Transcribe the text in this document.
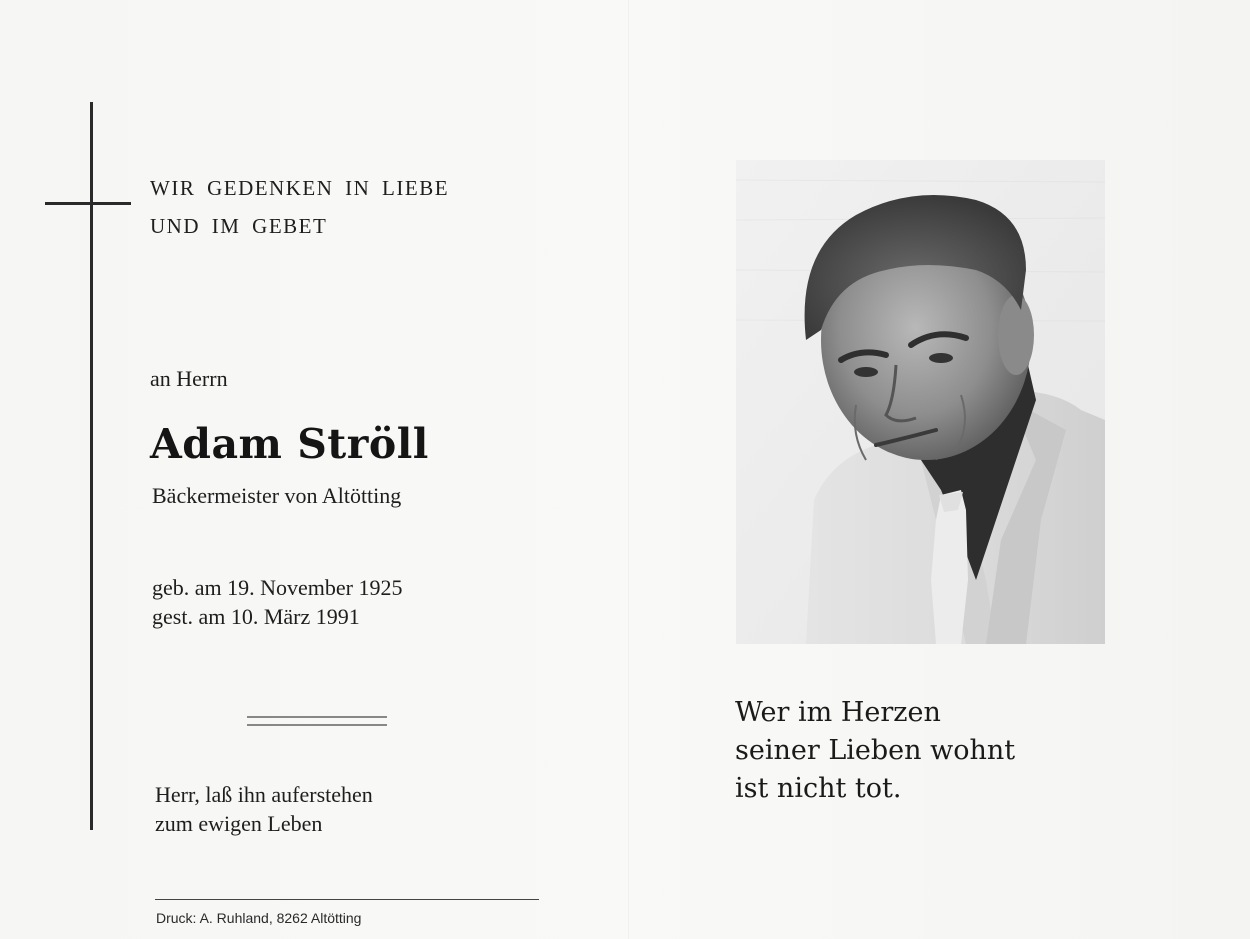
WIR GEDENKEN IN LIEBE
UND IM GEBET
an Herrn
Adam Ströll
Bäckermeister von Altötting
geb. am 19. November 1925
gest. am 10. März 1991
Herr, laß ihn auferstehen
zum ewigen Leben
Druck: A. Ruhland, 8262 Altötting
Wer im Herzen
seiner Lieben wohnt
ist nicht tot.
